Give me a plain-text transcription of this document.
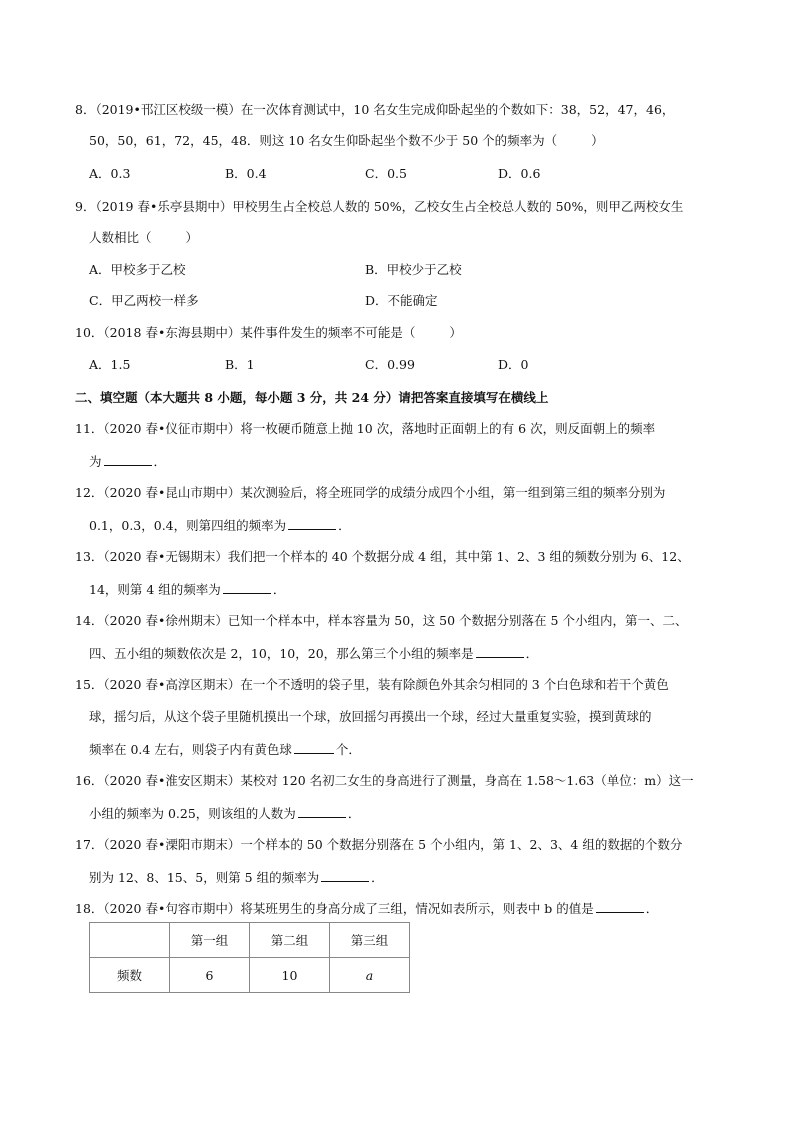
8．（2019•邗江区校级一模）在一次体育测试中，10 名女生完成仰卧起坐的个数如下：38，52，47，46，
50，50，61，72，45，48．则这 10 名女生仰卧起坐个数不少于 50 个的频率为（	）
A．0.3	B．0.4	C．0.5	D．0.6
9．（2019 春•乐亭县期中）甲校男生占全校总人数的 50%，乙校女生占全校总人数的 50%，则甲乙两校女生
人数相比（	）
A．甲校多于乙校	B．甲校少于乙校
C．甲乙两校一样多	D．不能确定
10．（2018 春•东海县期中）某件事件发生的频率不可能是（	）
A．1.5	B．1	C．0.99	D．0
二、填空题（本大题共 8 小题，每小题 3 分，共 24 分）请把答案直接填写在横线上
11．（2020 春•仪征市期中）将一枚硬币随意上抛 10 次，落地时正面朝上的有 6 次，则反面朝上的频率
为	．
12．（2020 春•昆山市期中）某次测验后，将全班同学的成绩分成四个小组，第一组到第三组的频率分别为
0.1，0.3，0.4，则第四组的频率为	．
13．（2020 春•无锡期末）我们把一个样本的 40 个数据分成 4 组，其中第 1、2、3 组的频数分别为 6、12、
14，则第 4 组的频率为	．
14．（2020 春•徐州期末）已知一个样本中，样本容量为 50，这 50 个数据分别落在 5 个小组内，第一、二、
四、五小组的频数依次是 2，10，10，20，那么第三个小组的频率是	．
15．（2020 春•高淳区期末）在一个不透明的袋子里，装有除颜色外其余匀相同的 3 个白色球和若干个黄色
球，摇匀后，从这个袋子里随机摸出一个球，放回摇匀再摸出一个球，经过大量重复实验，摸到黄球的
频率在 0.4 左右，则袋子内有黄色球	个．
16．（2020 春•淮安区期末）某校对 120 名初二女生的身高进行了测量，身高在 1.58～1.63（单位：m）这一
小组的频率为 0.25，则该组的人数为	．
17．（2020 春•溧阳市期末）一个样本的 50 个数据分别落在 5 个小组内，第 1、2、3、4 组的数据的个数分
别为 12、8、15、5，则第 5 组的频率为	．
18．（2020 春•句容市期中）将某班男生的身高分成了三组，情况如表所示，则表中 b 的值是	．
	第一组	第二组	第三组
频数	6	10	a
